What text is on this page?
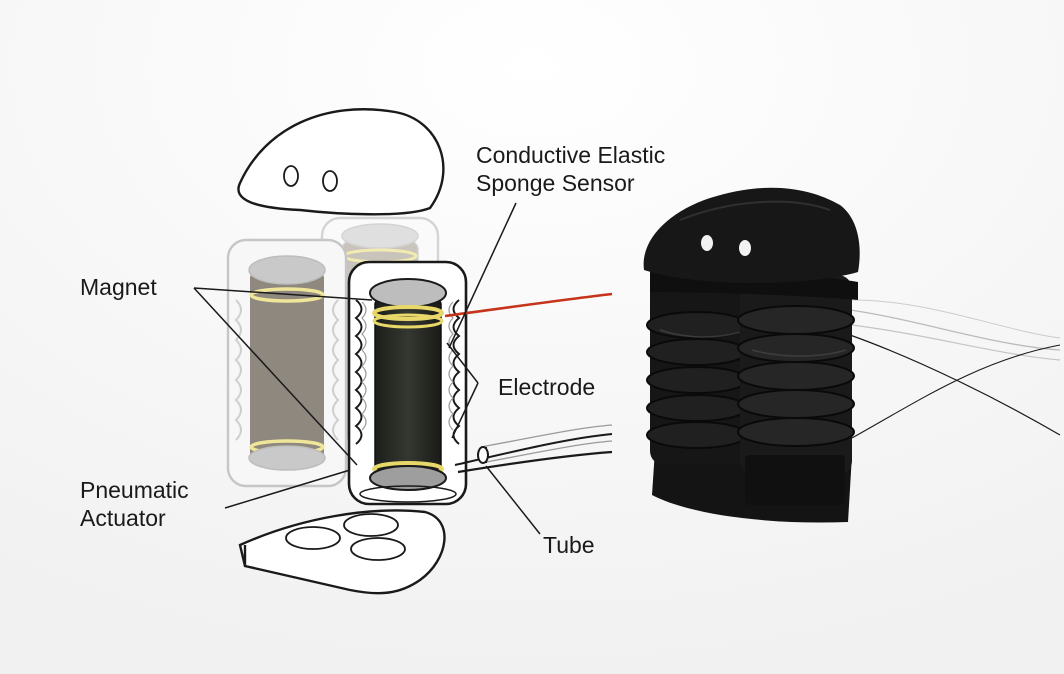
Conductive Elastic
Sponge Sensor
Magnet
Electrode
Pneumatic
Actuator
Tube
